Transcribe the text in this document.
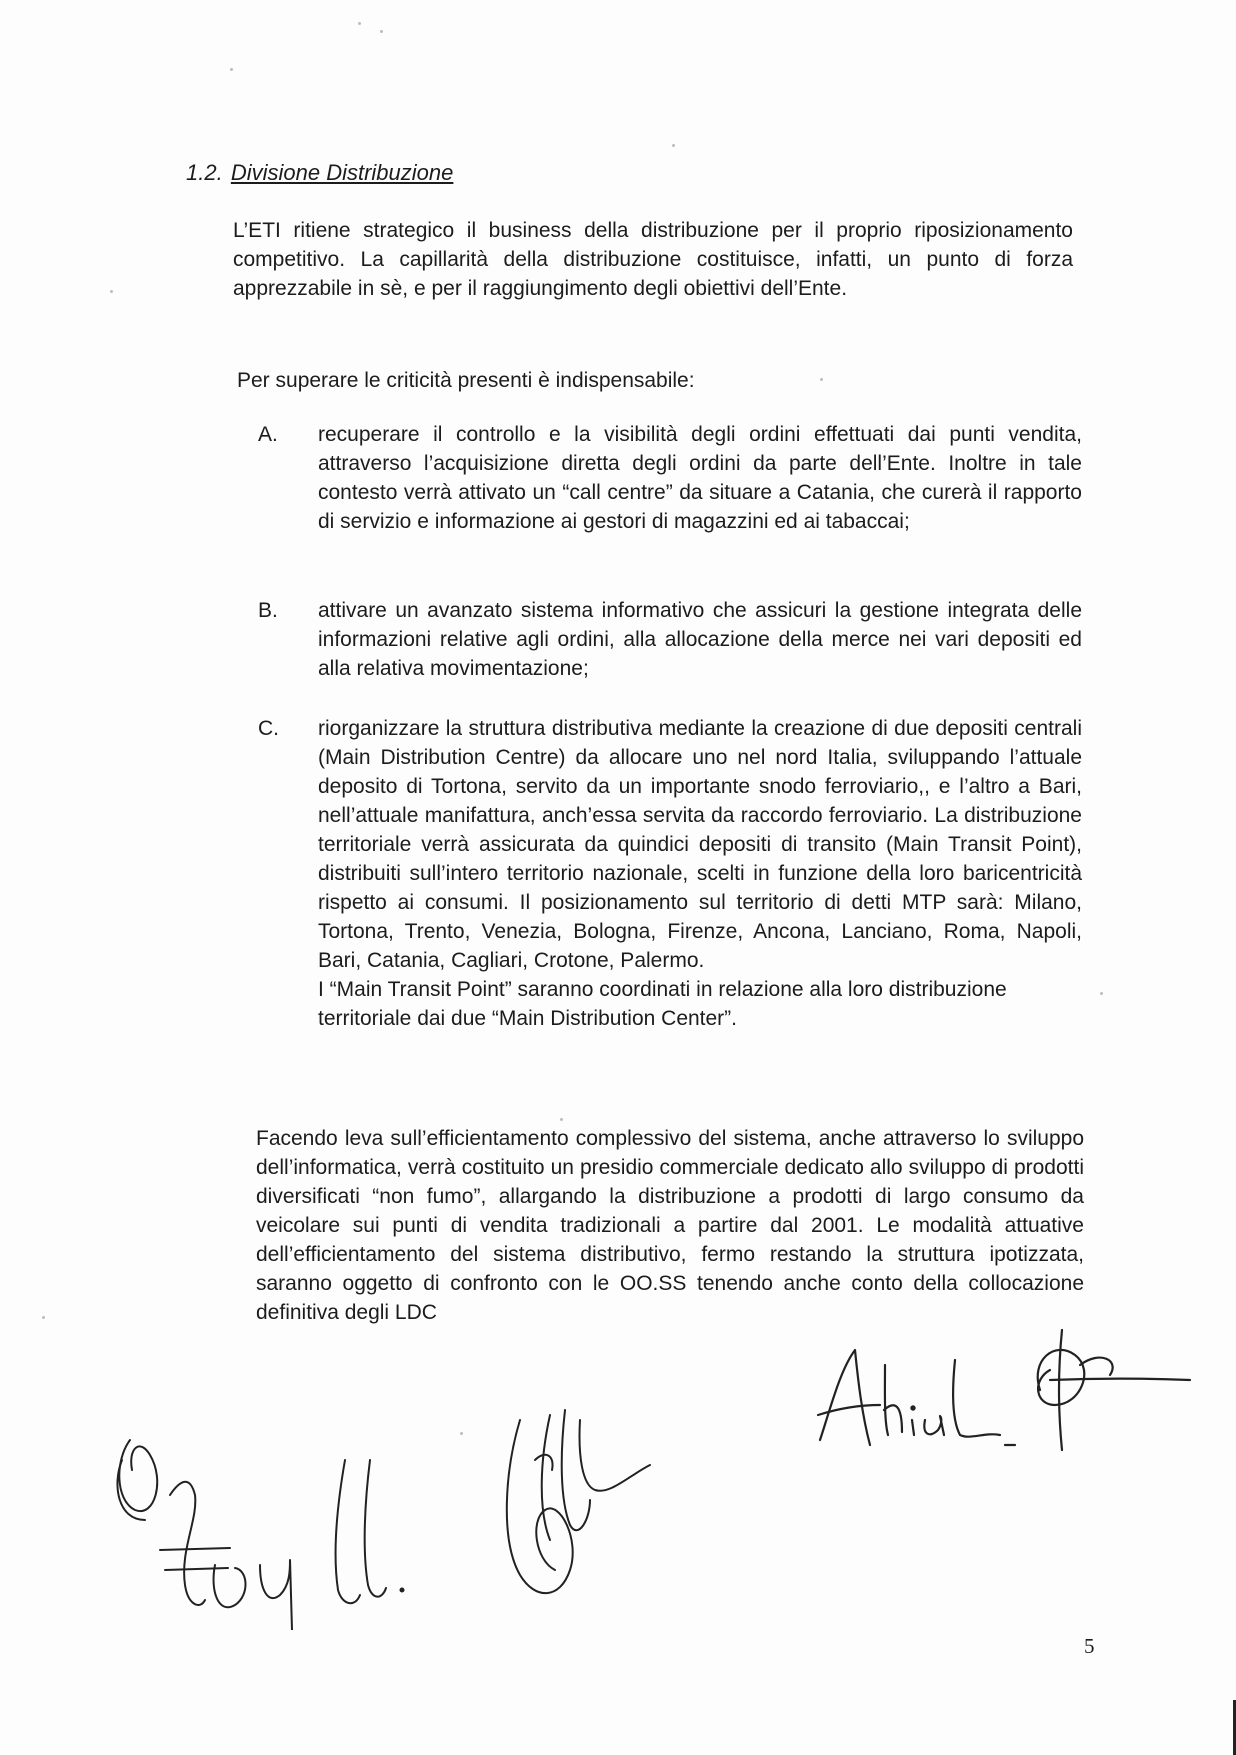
1.2. Divisione Distribuzione

L’ETI ritiene strategico il business della distribuzione per il proprio riposizionamento competitivo. La capillarità della distribuzione costituisce, infatti, un punto di forza apprezzabile in sè, e per il raggiungimento degli obiettivi dell’Ente.

Per superare le criticità presenti è indispensabile:

A.	recuperare il controllo e la visibilità degli ordini effettuati dai punti vendita, attraverso l’acquisizione diretta degli ordini da parte dell’Ente. Inoltre in tale contesto verrà attivato un “call centre” da situare a Catania, che curerà il rapporto di servizio e informazione ai gestori di magazzini ed ai tabaccai;
B.	attivare un avanzato sistema informativo che assicuri la gestione integrata delle informazioni relative agli ordini, alla allocazione della merce nei vari depositi ed alla relativa movimentazione;
C.	riorganizzare la struttura distributiva mediante la creazione di due depositi centrali (Main Distribution Centre) da allocare uno nel nord Italia, sviluppando l’attuale deposito di Tortona, servito da un importante snodo ferroviario,, e l’altro a Bari, nell’attuale manifattura, anch’essa servita da raccordo ferroviario. La distribuzione territoriale verrà assicurata da quindici depositi di transito (Main Transit Point), distribuiti sull’intero territorio nazionale, scelti in funzione della loro baricentricità rispetto ai consumi. Il posizionamento sul territorio di detti MTP sarà: Milano, Tortona, Trento, Venezia, Bologna, Firenze, Ancona, Lanciano, Roma, Napoli, Bari, Catania, Cagliari, Crotone, Palermo.
I “Main Transit Point” saranno coordinati in relazione alla loro distribuzione territoriale dai due “Main Distribution Center”.

Facendo leva sull’efficientamento complessivo del sistema, anche attraverso lo sviluppo dell’informatica, verrà costituito un presidio commerciale dedicato allo sviluppo di prodotti diversificati “non fumo”, allargando la distribuzione a prodotti di largo consumo da veicolare sui punti di vendita tradizionali a partire dal 2001. Le modalità attuative dell’efficientamento del sistema distributivo, fermo restando la struttura ipotizzata, saranno oggetto di confronto con le OO.SS tenendo anche conto della collocazione definitiva degli LDC

5
